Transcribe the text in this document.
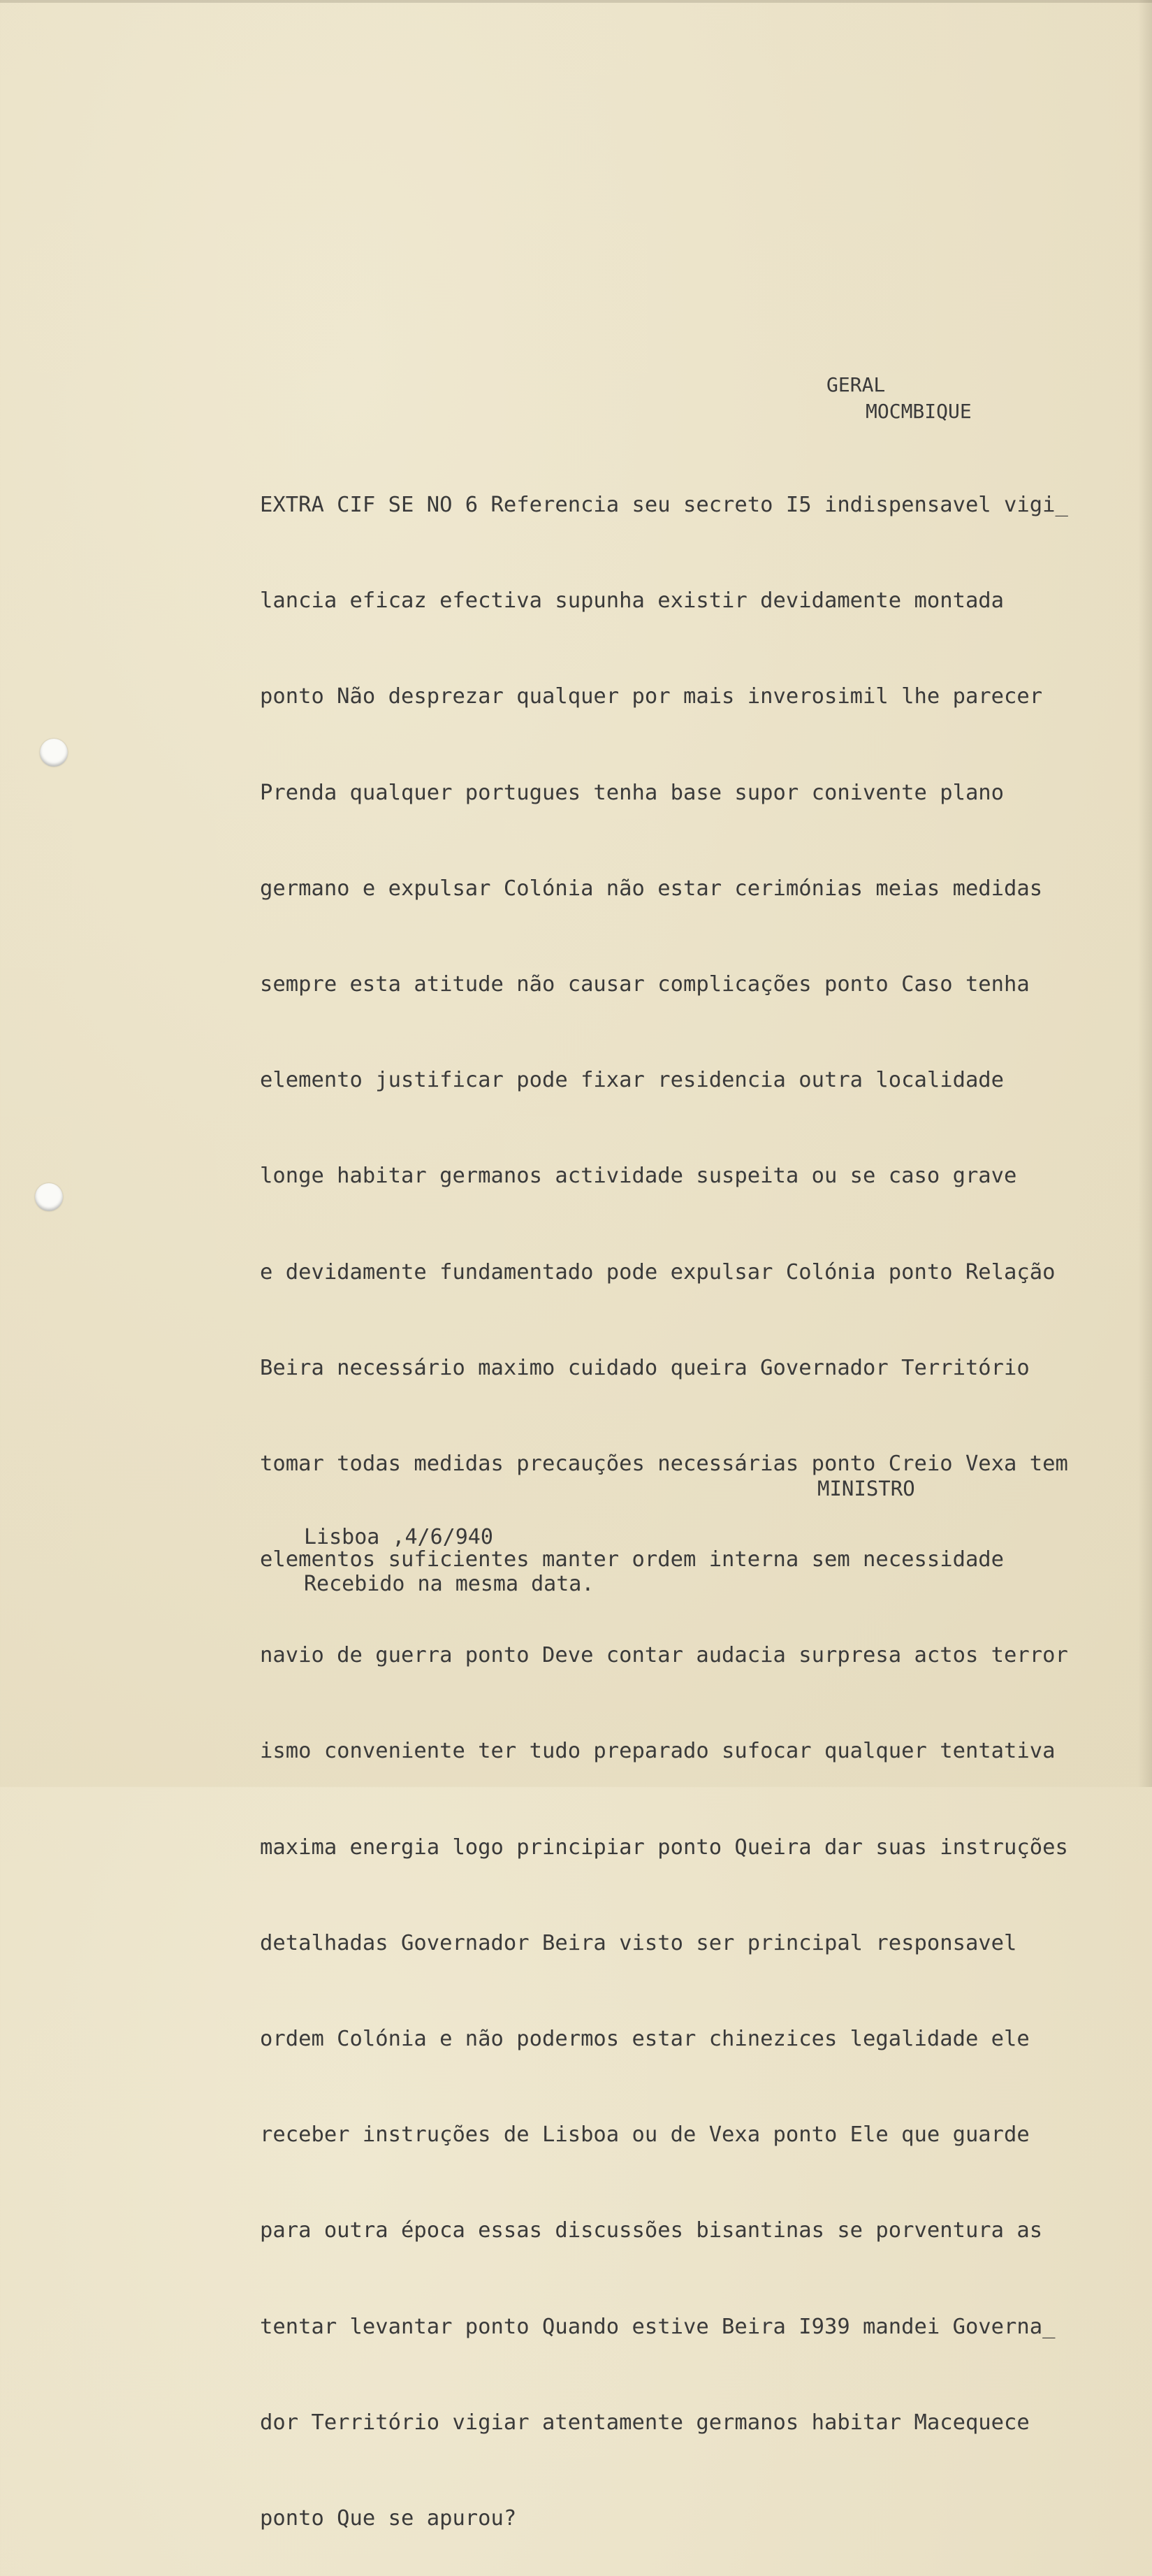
GERAL
MOCMBIQUE

EXTRA CIF SE NO 6 Referencia seu secreto I5 indispensavel vigi_

lancia eficaz efectiva supunha existir devidamente montada

ponto Não desprezar qualquer por mais inverosimil lhe parecer

Prenda qualquer portugues tenha base supor conivente plano

germano e expulsar Colónia não estar cerimónias meias medidas

sempre esta atitude não causar complicações ponto Caso tenha

elemento justificar pode fixar residencia outra localidade

longe habitar germanos actividade suspeita ou se caso grave

e devidamente fundamentado pode expulsar Colónia ponto Relação

Beira necessário maximo cuidado queira Governador Território

tomar todas medidas precauções necessárias ponto Creio Vexa tem

elementos suficientes manter ordem interna sem necessidade

navio de guerra ponto Deve contar audacia surpresa actos terror

ismo conveniente ter tudo preparado sufocar qualquer tentativa

maxima energia logo principiar ponto Queira dar suas instruções

detalhadas Governador Beira visto ser principal responsavel

ordem Colónia e não podermos estar chinezices legalidade ele

receber instruções de Lisboa ou de Vexa ponto Ele que guarde

para outra época essas discussões bisantinas se porventura as

tentar levantar ponto Quando estive Beira I939 mandei Governa_

dor Território vigiar atentamente germanos habitar Macequece

ponto Que se apurou?

MINISTRO
Lisboa ,4/6/940
Recebido na mesma data.
